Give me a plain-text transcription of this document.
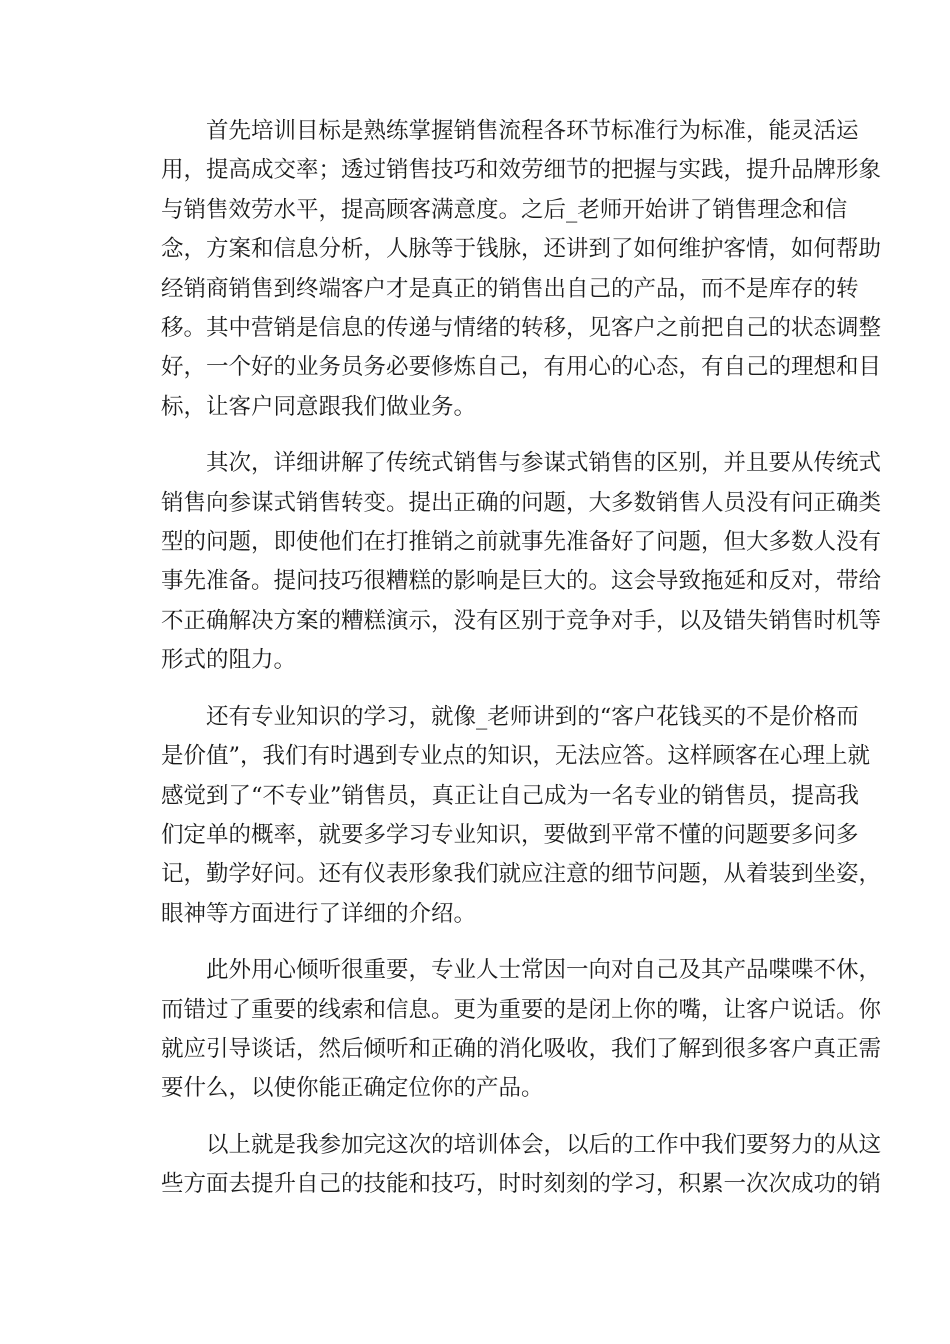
首先培训目标是熟练掌握销售流程各环节标准行为标准，能灵活运
用，提高成交率；透过销售技巧和效劳细节的把握与实践，提升品牌形象
与销售效劳水平，提高顾客满意度。之后_老师开始讲了销售理念和信
念，方案和信息分析，人脉等于钱脉，还讲到了如何维护客情，如何帮助
经销商销售到终端客户才是真正的销售出自己的产品，而不是库存的转
移。其中营销是信息的传递与情绪的转移，见客户之前把自己的状态调整
好，一个好的业务员务必要修炼自己，有用心的心态，有自己的理想和目
标，让客户同意跟我们做业务。
其次，详细讲解了传统式销售与参谋式销售的区别，并且要从传统式
销售向参谋式销售转变。提出正确的问题，大多数销售人员没有问正确类
型的问题，即使他们在打推销之前就事先准备好了问题，但大多数人没有
事先准备。提问技巧很糟糕的影响是巨大的。这会导致拖延和反对，带给
不正确解决方案的糟糕演示，没有区别于竞争对手，以及错失销售时机等
形式的阻力。
还有专业知识的学习，就像_老师讲到的“客户花钱买的不是价格而
是价值”，我们有时遇到专业点的知识，无法应答。这样顾客在心理上就
感觉到了“不专业”销售员，真正让自己成为一名专业的销售员，提高我
们定单的概率，就要多学习专业知识，要做到平常不懂的问题要多问多
记，勤学好问。还有仪表形象我们就应注意的细节问题，从着装到坐姿，
眼神等方面进行了详细的介绍。
此外用心倾听很重要，专业人士常因一向对自己及其产品喋喋不休，
而错过了重要的线索和信息。更为重要的是闭上你的嘴，让客户说话。你
就应引导谈话，然后倾听和正确的消化吸收，我们了解到很多客户真正需
要什么，以使你能正确定位你的产品。
以上就是我参加完这次的培训体会，以后的工作中我们要努力的从这
些方面去提升自己的技能和技巧，时时刻刻的学习，积累一次次成功的销
